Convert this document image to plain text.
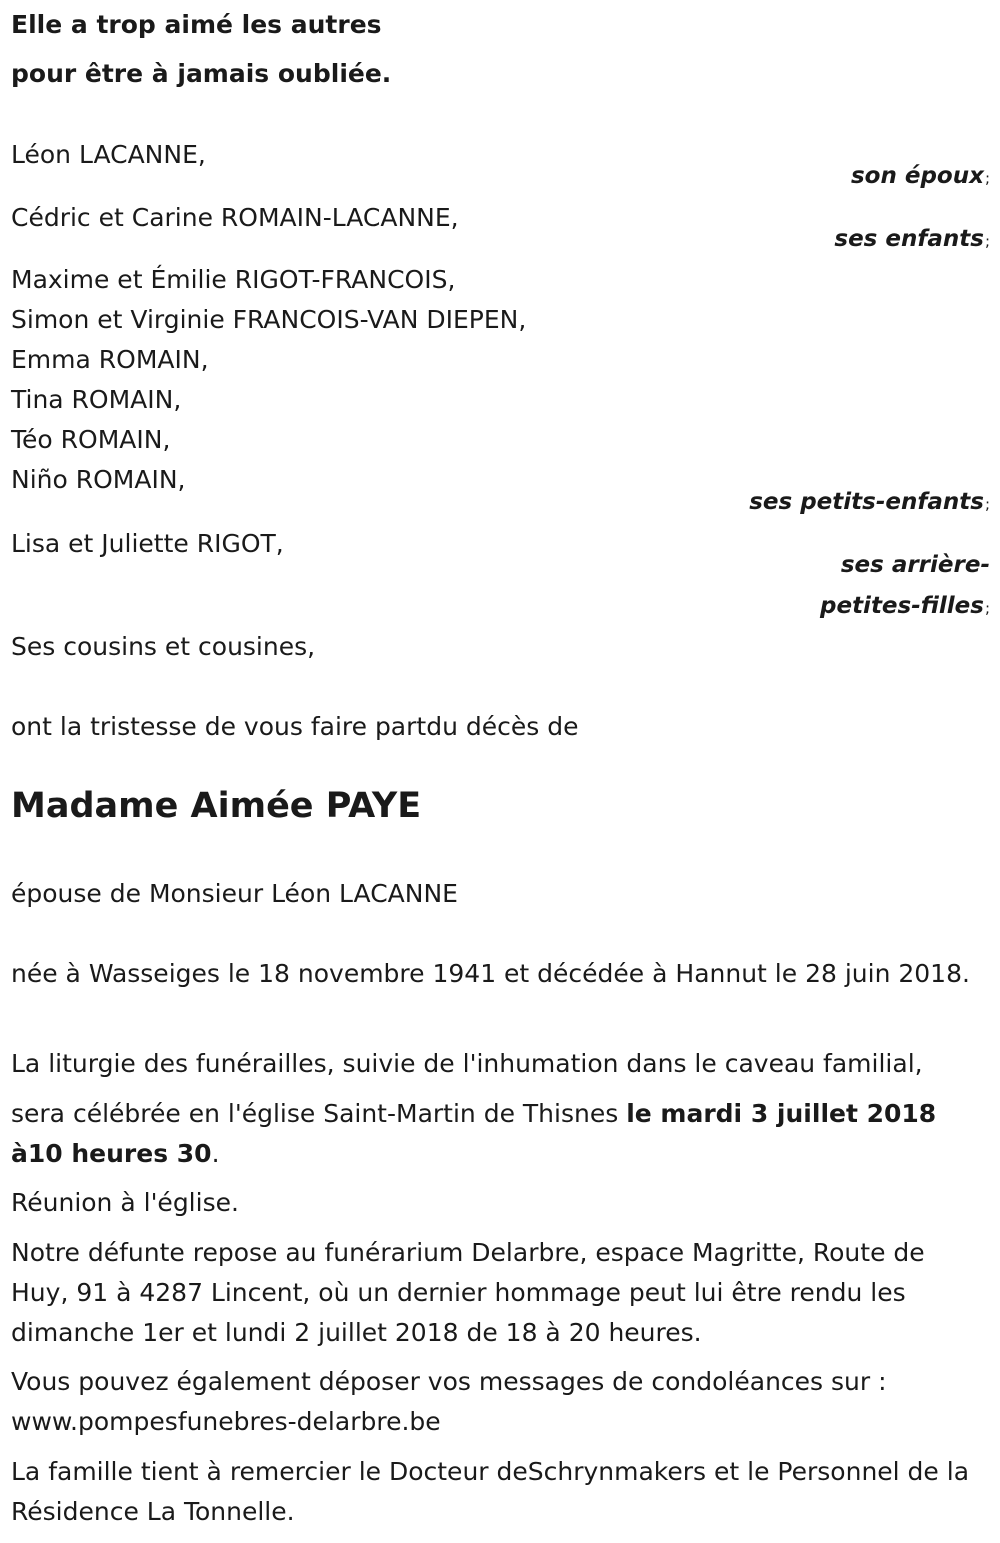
Elle a trop aimé les autres
pour être à jamais oubliée.
Léon LACANNE,
son époux;
Cédric et Carine ROMAIN-LACANNE,
ses enfants;
Maxime et Émilie RIGOT-FRANCOIS,
Simon et Virginie FRANCOIS-VAN DIEPEN,
Emma ROMAIN,
Tina ROMAIN,
Téo ROMAIN,
Niño ROMAIN,
ses petits-enfants;
Lisa et Juliette RIGOT,
ses arrière-
petites-filles;
Ses cousins et cousines,
ont la tristesse de vous faire partdu décès de
Madame Aimée PAYE
épouse de Monsieur Léon LACANNE
née à Wasseiges le 18 novembre 1941 et décédée à Hannut le 28 juin 2018.
La liturgie des funérailles, suivie de l'inhumation dans le caveau familial,
sera célébrée en l'église Saint-Martin de Thisnes le mardi 3 juillet 2018 à10 heures 30.
Réunion à l'église.
Notre défunte repose au funérarium Delarbre, espace Magritte, Route de Huy, 91 à 4287 Lincent, où un dernier hommage peut lui être rendu les dimanche 1er et lundi 2 juillet 2018 de 18 à 20 heures.
Vous pouvez également déposer vos messages de condoléances sur :
www.pompesfunebres-delarbre.be
La famille tient à remercier le Docteur deSchrynmakers et le Personnel de la Résidence La Tonnelle.
